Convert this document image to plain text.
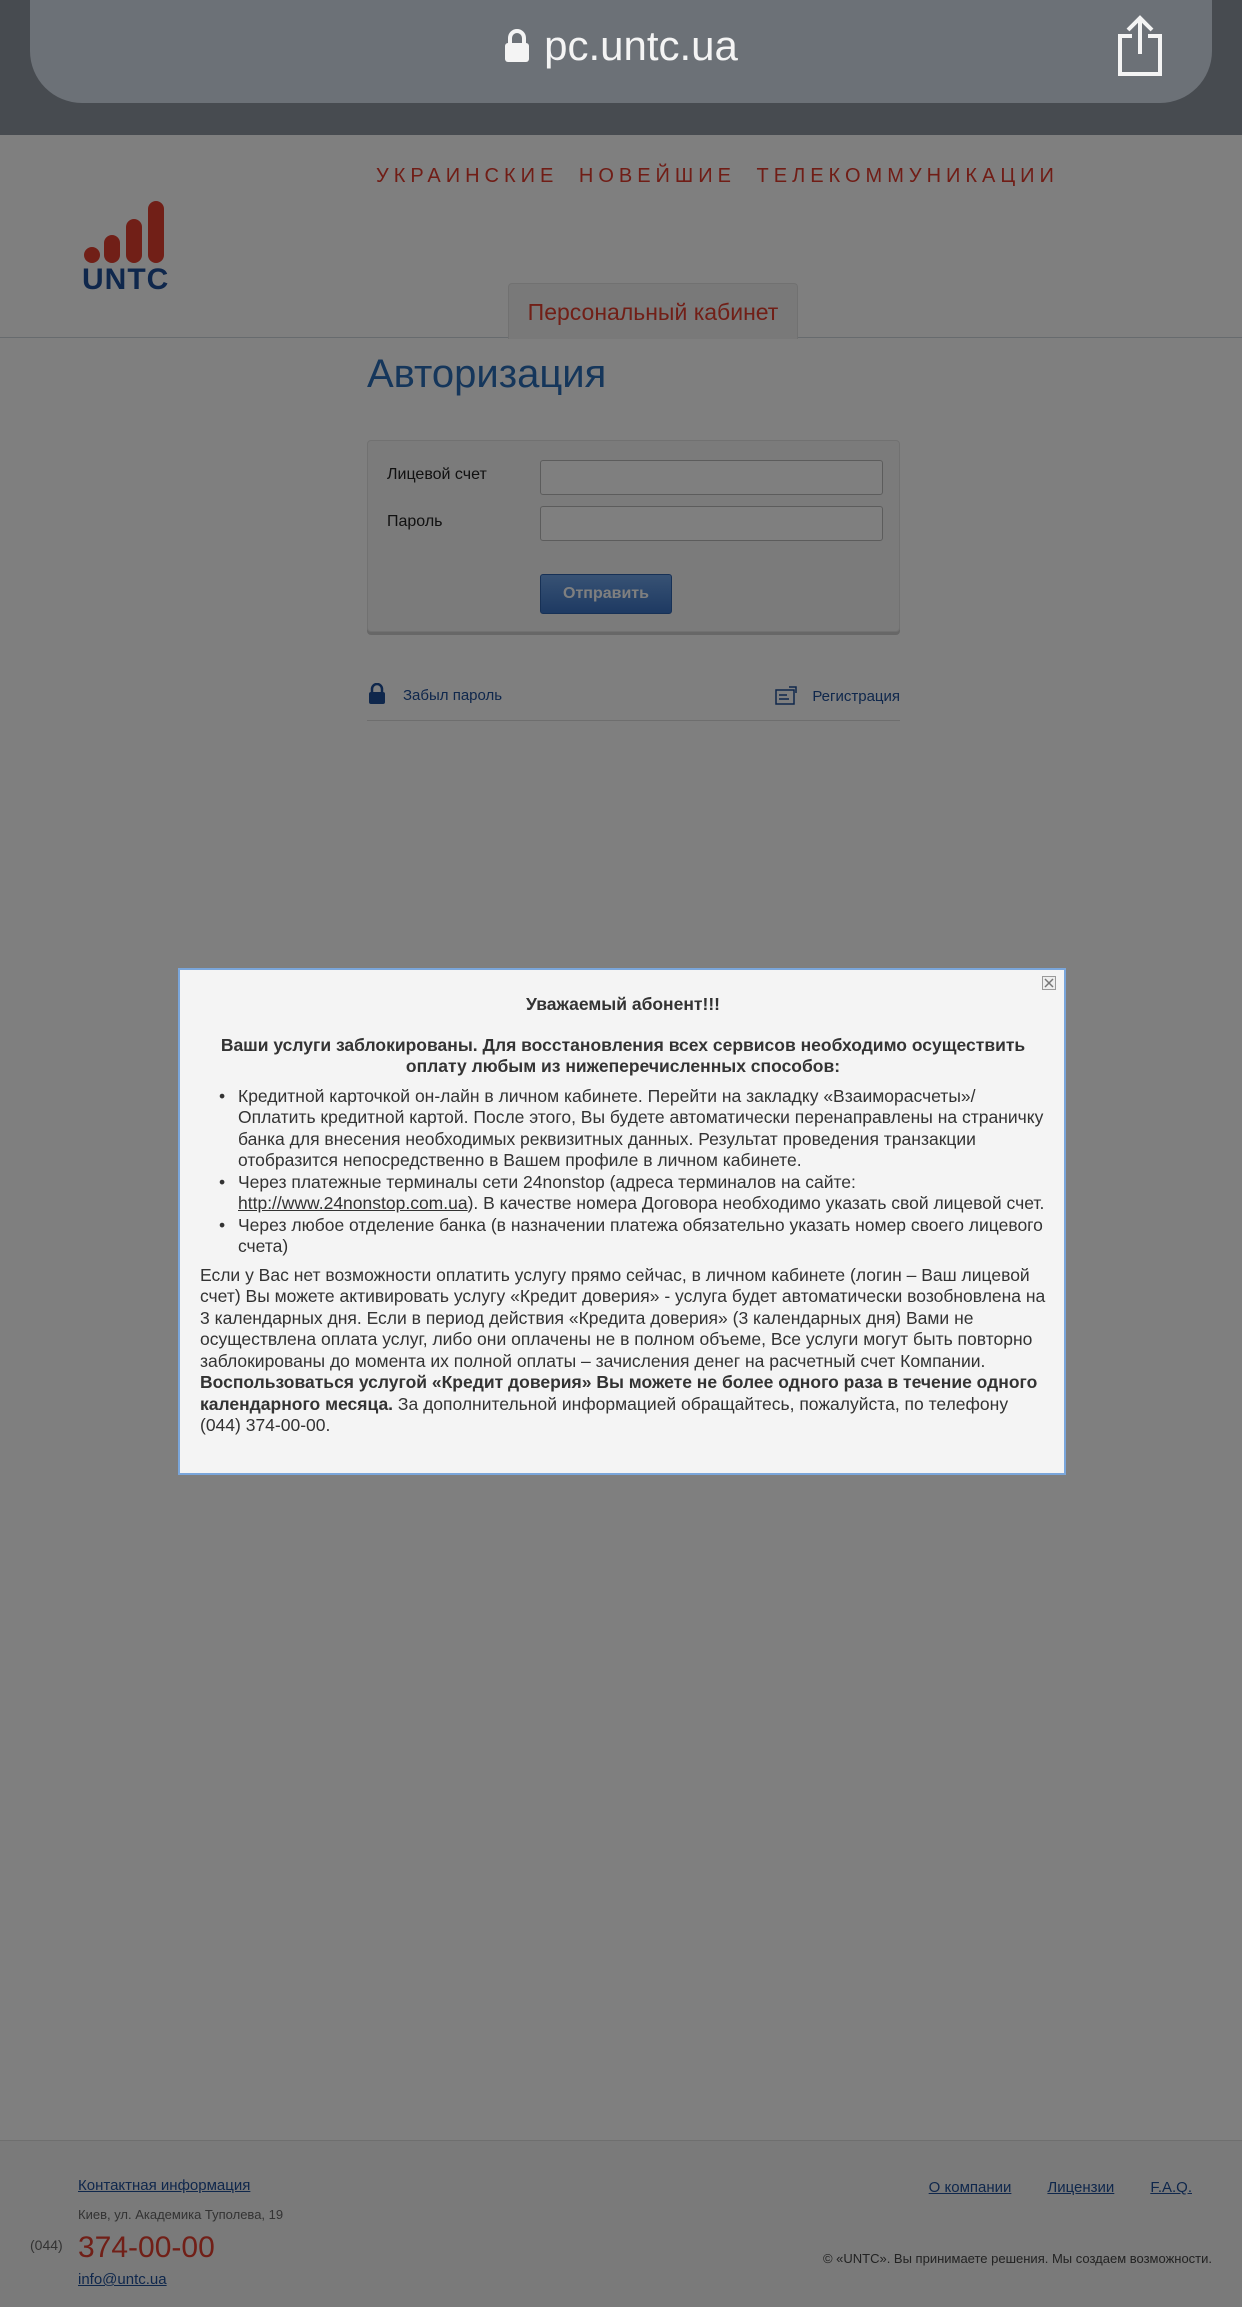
pc.untc.ua
Уважаемый абонент!!!
Ваши услуги заблокированы. Для восстановления всех сервисов необходимо осуществить оплату любым из нижеперечисленных способов:
• Кредитной карточкой он-лайн в личном кабинете. Перейти на закладку «Взаиморасчеты»/Оплатить кредитной картой. После этого, Вы будете автоматически перенаправлены на страничку банка для внесения необходимых реквизитных данных. Результат проведения транзакции отобразится непосредственно в Вашем профиле в личном кабинете.
• Через платежные терминалы сети 24nonstop (адреса терминалов на сайте: http://www.24nonstop.com.ua). В качестве номера Договора необходимо указать свой лицевой счет.
• Через любое отделение банка (в назначении платежа обязательно указать номер своего лицевого счета)
Если у Вас нет возможности оплатить услугу прямо сейчас, в личном кабинете (логин – Ваш лицевой счет) Вы можете активировать услугу «Кредит доверия» - услуга будет автоматически возобновлена на 3 календарных дня. Если в период действия «Кредита доверия» (3 календарных дня) Вами не осуществлена оплата услуг, либо они оплачены не в полном объеме, Все услуги могут быть повторно заблокированы до момента их полной оплаты – зачисления денег на расчетный счет Компании. Воспользоваться услугой «Кредит доверия» Вы можете не более одного раза в течение одного календарного месяца. За дополнительной информацией обращайтесь, пожалуйста, по телефону (044) 374-00-00.
